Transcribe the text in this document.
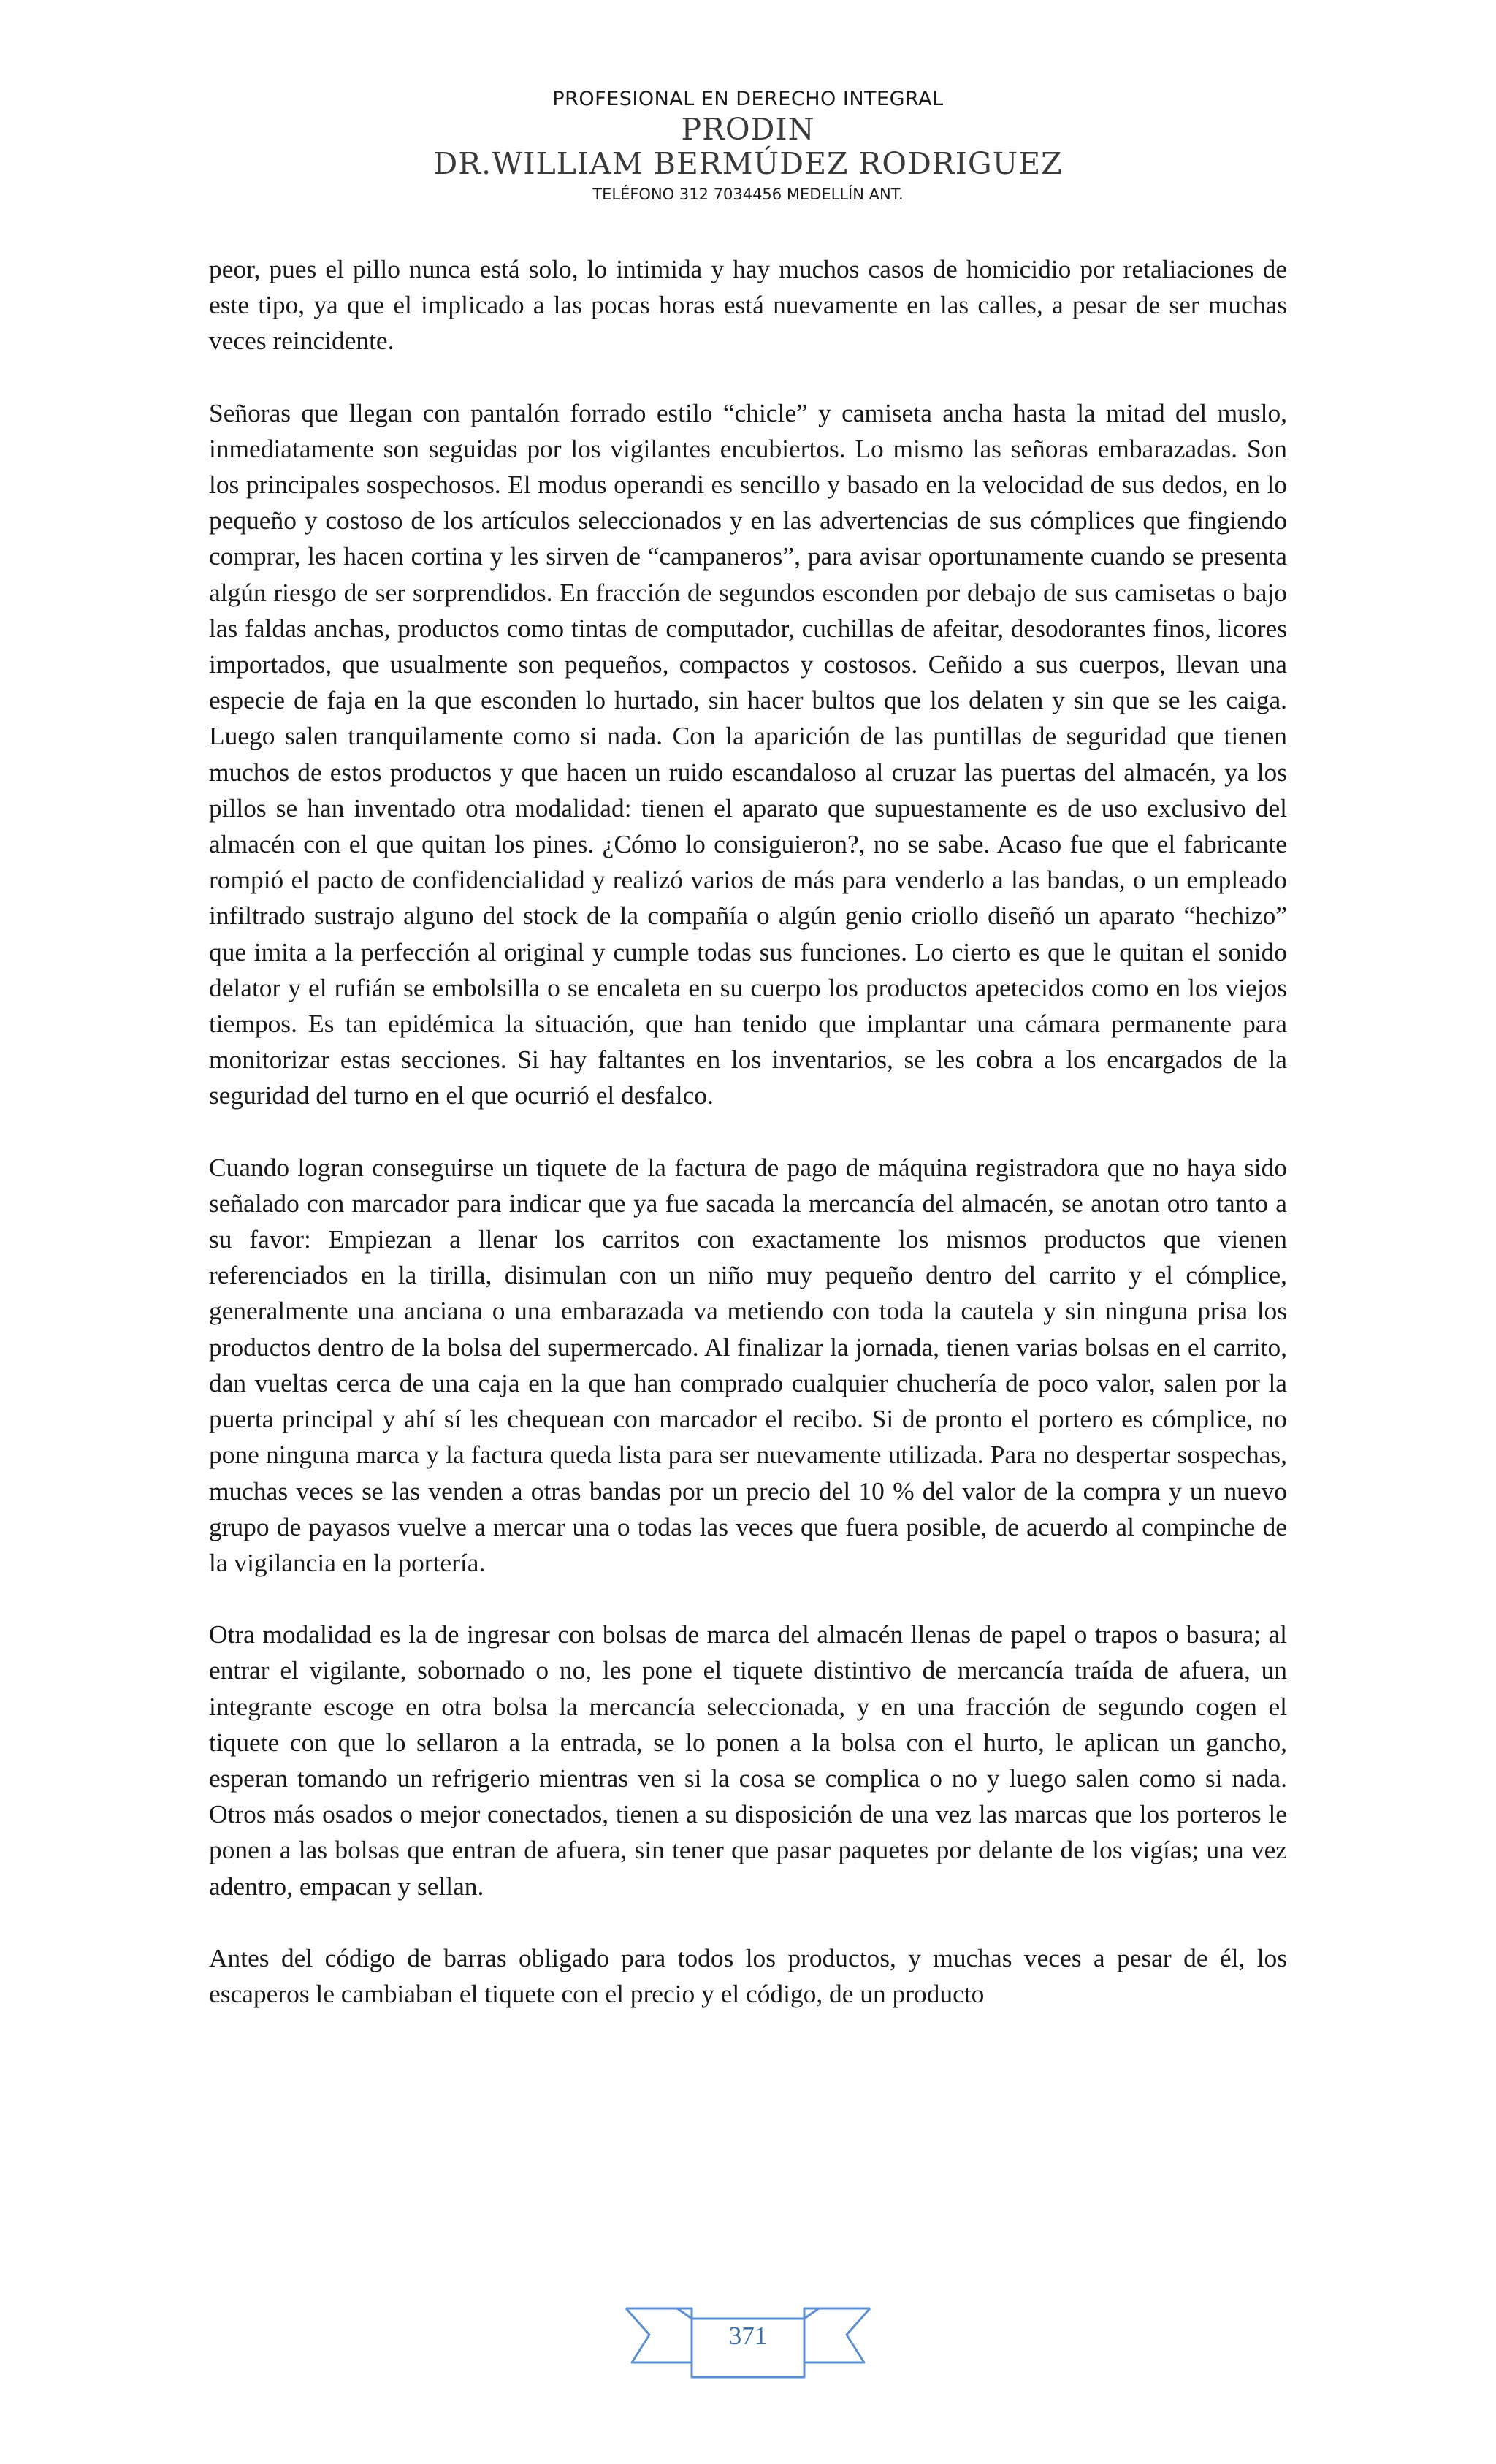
PROFESIONAL EN DERECHO INTEGRAL
PRODIN
DR.WILLIAM BERMÚDEZ RODRIGUEZ
TELÉFONO 312 7034456 MEDELLÍN ANT.

peor, pues el pillo nunca está solo, lo intimida y hay muchos casos de homicidio por retaliaciones de este tipo, ya que el implicado a las pocas horas está nuevamente en las calles, a pesar de ser muchas veces reincidente.

Señoras que llegan con pantalón forrado estilo “chicle” y camiseta ancha hasta la mitad del muslo, inmediatamente son seguidas por los vigilantes encubiertos. Lo mismo las señoras embarazadas. Son los principales sospechosos. El modus operandi es sencillo y basado en la velocidad de sus dedos, en lo pequeño y costoso de los artículos seleccionados y en las advertencias de sus cómplices que fingiendo comprar, les hacen cortina y les sirven de “campaneros”, para avisar oportunamente cuando se presenta algún riesgo de ser sorprendidos. En fracción de segundos esconden por debajo de sus camisetas o bajo las faldas anchas, productos como tintas de computador, cuchillas de afeitar, desodorantes finos, licores importados, que usualmente son pequeños, compactos y costosos. Ceñido a sus cuerpos, llevan una especie de faja en la que esconden lo hurtado, sin hacer bultos que los delaten y sin que se les caiga. Luego salen tranquilamente como si nada. Con la aparición de las puntillas de seguridad que tienen muchos de estos productos y que hacen un ruido escandaloso al cruzar las puertas del almacén, ya los pillos se han inventado otra modalidad: tienen el aparato que supuestamente es de uso exclusivo del almacén con el que quitan los pines. ¿Cómo lo consiguieron?, no se sabe. Acaso fue que el fabricante rompió el pacto de confidencialidad y realizó varios de más para venderlo a las bandas, o un empleado infiltrado sustrajo alguno del stock de la compañía o algún genio criollo diseñó un aparato “hechizo” que imita a la perfección al original y cumple todas sus funciones. Lo cierto es que le quitan el sonido delator y el rufián se embolsilla o se encaleta en su cuerpo los productos apetecidos como en los viejos tiempos. Es tan epidémica la situación, que han tenido que implantar una cámara permanente para monitorizar estas secciones. Si hay faltantes en los inventarios, se les cobra a los encargados de la seguridad del turno en el que ocurrió el desfalco.

Cuando logran conseguirse un tiquete de la factura de pago de máquina registradora que no haya sido señalado con marcador para indicar que ya fue sacada la mercancía del almacén, se anotan otro tanto a su favor: Empiezan a llenar los carritos con exactamente los mismos productos que vienen referenciados en la tirilla, disimulan con un niño muy pequeño dentro del carrito y el cómplice, generalmente una anciana o una embarazada va metiendo con toda la cautela y sin ninguna prisa los productos dentro de la bolsa del supermercado. Al finalizar la jornada, tienen varias bolsas en el carrito, dan vueltas cerca de una caja en la que han comprado cualquier chuchería de poco valor, salen por la puerta principal y ahí sí les chequean con marcador el recibo. Si de pronto el portero es cómplice, no pone ninguna marca y la factura queda lista para ser nuevamente utilizada. Para no despertar sospechas, muchas veces se las venden a otras bandas por un precio del 10 % del valor de la compra y un nuevo grupo de payasos vuelve a mercar una o todas las veces que fuera posible, de acuerdo al compinche de la vigilancia en la portería.

Otra modalidad es la de ingresar con bolsas de marca del almacén llenas de papel o trapos o basura; al entrar el vigilante, sobornado o no, les pone el tiquete distintivo de mercancía traída de afuera, un integrante escoge en otra bolsa la mercancía seleccionada, y en una fracción de segundo cogen el tiquete con que lo sellaron a la entrada, se lo ponen a la bolsa con el hurto, le aplican un gancho, esperan tomando un refrigerio mientras ven si la cosa se complica o no y luego salen como si nada. Otros más osados o mejor conectados, tienen a su disposición de una vez las marcas que los porteros le ponen a las bolsas que entran de afuera, sin tener que pasar paquetes por delante de los vigías; una vez adentro, empacan y sellan.

Antes del código de barras obligado para todos los productos, y muchas veces a pesar de él, los escaperos le cambiaban el tiquete con el precio y el código, de un producto

371
